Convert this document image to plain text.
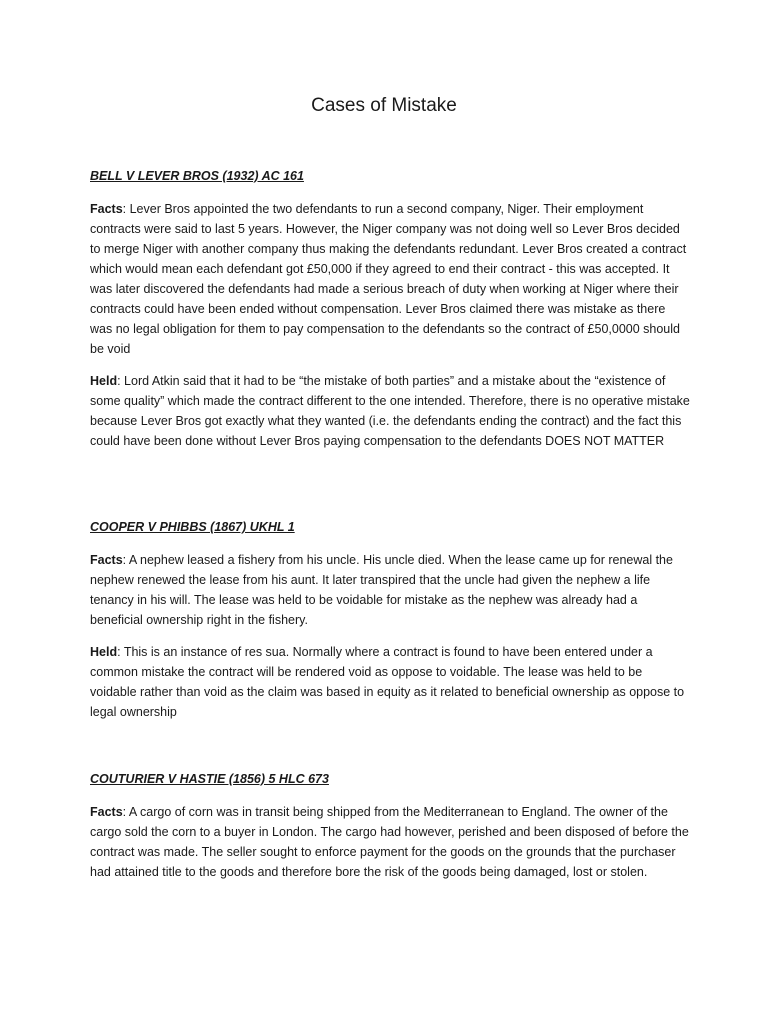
Cases of Mistake

BELL V LEVER BROS (1932) AC 161

Facts: Lever Bros appointed the two defendants to run a second company, Niger. Their employment contracts were said to last 5 years. However, the Niger company was not doing well so Lever Bros decided to merge Niger with another company thus making the defendants redundant. Lever Bros created a contract which would mean each defendant got £50,000 if they agreed to end their contract - this was accepted. It was later discovered the defendants had made a serious breach of duty when working at Niger where their contracts could have been ended without compensation. Lever Bros claimed there was mistake as there was no legal obligation for them to pay compensation to the defendants so the contract of £50,0000 should be void

Held: Lord Atkin said that it had to be “the mistake of both parties” and a mistake about the “existence of some quality” which made the contract different to the one intended. Therefore, there is no operative mistake because Lever Bros got exactly what they wanted (i.e. the defendants ending the contract) and the fact this could have been done without Lever Bros paying compensation to the defendants DOES NOT MATTER

COOPER V PHIBBS (1867) UKHL 1

Facts: A nephew leased a fishery from his uncle. His uncle died. When the lease came up for renewal the nephew renewed the lease from his aunt. It later transpired that the uncle had given the nephew a life tenancy in his will. The lease was held to be voidable for mistake as the nephew was already had a beneficial ownership right in the fishery.

Held: This is an instance of res sua. Normally where a contract is found to have been entered under a common mistake the contract will be rendered void as oppose to voidable. The lease was held to be voidable rather than void as the claim was based in equity as it related to beneficial ownership as oppose to legal ownership

COUTURIER V HASTIE (1856) 5 HLC 673

Facts: A cargo of corn was in transit being shipped from the Mediterranean to England. The owner of the cargo sold the corn to a buyer in London. The cargo had however, perished and been disposed of before the contract was made. The seller sought to enforce payment for the goods on the grounds that the purchaser had attained title to the goods and therefore bore the risk of the goods being damaged, lost or stolen.
